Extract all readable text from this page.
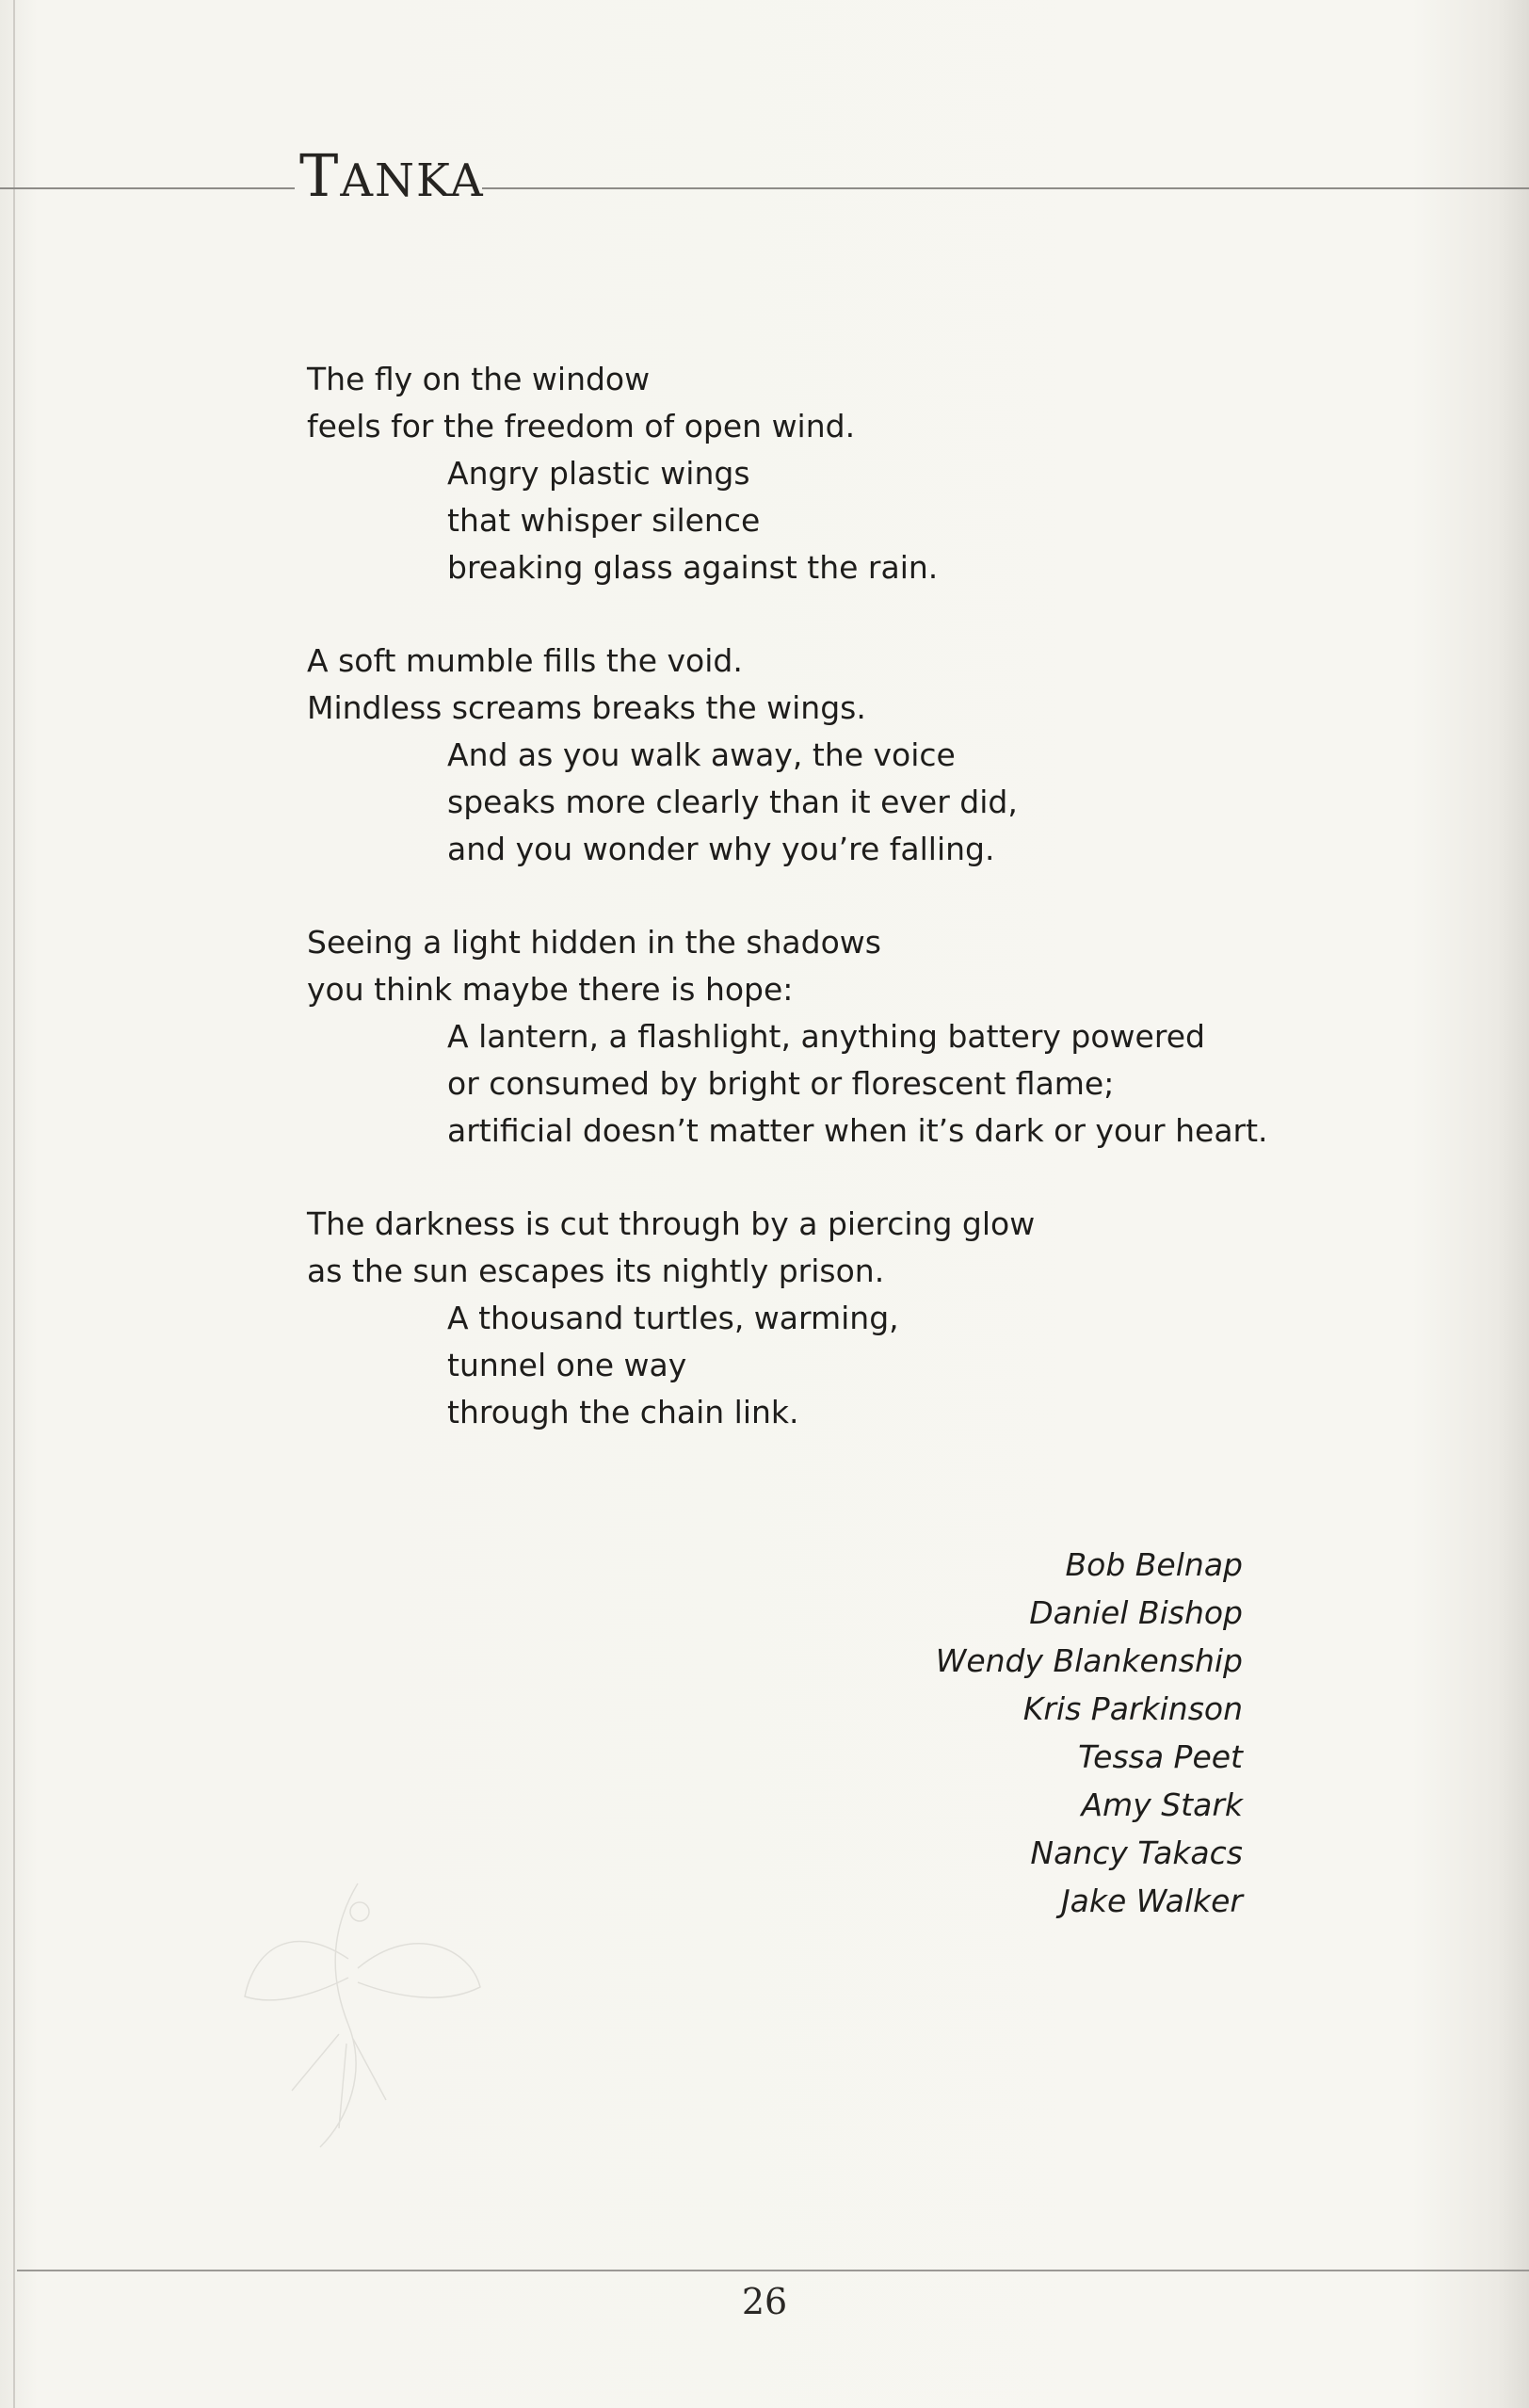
TANKA
The fly on the window
feels for the freedom of open wind.
Angry plastic wings
that whisper silence
breaking glass against the rain.
A soft mumble fills the void.
Mindless screams breaks the wings.
And as you walk away, the voice
speaks more clearly than it ever did,
and you wonder why you’re falling.
Seeing a light hidden in the shadows
you think maybe there is hope:
A lantern, a flashlight, anything battery powered
or consumed by bright or florescent flame;
artificial doesn’t matter when it’s dark or your heart.
The darkness is cut through by a piercing glow
as the sun escapes its nightly prison.
A thousand turtles, warming,
tunnel one way
through the chain link.
Bob Belnap
Daniel Bishop
Wendy Blankenship
Kris Parkinson
Tessa Peet
Amy Stark
Nancy Takacs
Jake Walker
26
